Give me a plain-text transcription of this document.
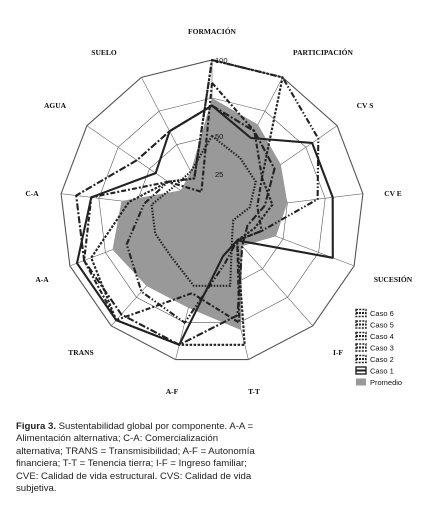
25
50
100
FORMACIÓN
PARTICIPACIÓN
CV S
CV E
SUCESIÓN
I-F
T-T
A-F
TRANS
A-A
C-A
AGUA
SUELO
Caso 6
Caso 5
Caso 4
Caso 3
Caso 2
Caso 1
Promedio
Figura 3. Sustentabilidad global por componente. A-A = Alimentación alternativa; C-A: Comercialización alternativa; TRANS = Transmisibilidad; A-F = Autonomía financiera; T-T = Tenencia tierra; I-F = Ingreso familiar; CVE: Calidad de vida estructural. CVS: Calidad de vida subjetiva.
